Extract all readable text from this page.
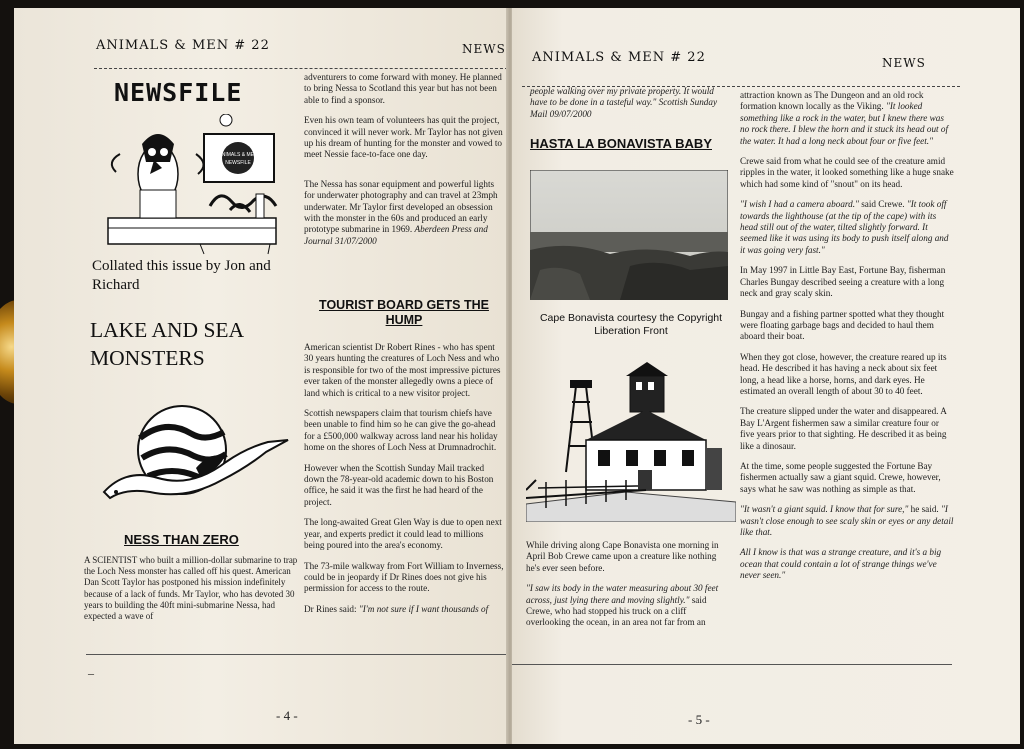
ANIMALS & MEN # 22	NEWS
NEWSFILE
ANIMALS & MEN
NEWSFILE
Collated this issue by Jon and Richard
LAKE AND SEA MONSTERS
NESS THAN ZERO
A SCIENTIST who built a million-dollar submarine to trap the Loch Ness monster has called off his quest. American Dan Scott Taylor has postponed his mission indefinitely because of a lack of funds. Mr Taylor, who has devoted 30 years to building the 40ft mini-submarine Nessa, had expected a wave of

adventurers to come forward with money. He planned to bring Nessa to Scotland this year but has not been able to find a sponsor.

Even his own team of volunteers has quit the project, convinced it will never work. Mr Taylor has not given up his dream of hunting for the monster and vowed to meet Nessie face-to-face one day.

The Nessa has sonar equipment and powerful lights for underwater photography and can travel at 23mph underwater. Mr Taylor first developed an obsession with the monster in the 60s and produced an early prototype submarine in 1969. Aberdeen Press and Journal 31/07/2000

TOURIST BOARD GETS THE HUMP

American scientist Dr Robert Rines - who has spent 30 years hunting the creatures of Loch Ness and who is responsible for two of the most impressive pictures ever taken of the monster allegedly owns a piece of land which is critical to a new visitor project.

Scottish newspapers claim that tourism chiefs have been unable to find him so he can give the go-ahead for a £500,000 walkway across land near his holiday home on the shores of Loch Ness at Drumnadrochit.

However when the Scottish Sunday Mail tracked down the 78-year-old academic down to his Boston office, he said it was the first he had heard of the project.

The long-awaited Great Glen Way is due to open next year, and experts predict it could lead to millions being poured into the area's economy.

The 73-mile walkway from Fort William to Inverness, could be in jeopardy if Dr Rines does not give his permission for access to the route.

Dr Rines said: "I'm not sure if I want thousands of

–
- 4 -
ANIMALS & MEN # 22	NEWS
people walking over my private property. It would have to be done in a tasteful way." Scottish Sunday Mail 09/07/2000
HASTA LA BONAVISTA BABY
Cape Bonavista courtesy the Copyright Liberation Front

While driving along Cape Bonavista one morning in April Bob Crewe came upon a creature like nothing he's ever seen before.

"I saw its body in the water measuring about 30 feet across, just lying there and moving slightly." said Crewe, who had stopped his truck on a cliff overlooking the ocean, in an area not far from an

attraction known as The Dungeon and an old rock formation known locally as the Viking. "It looked something like a rock in the water, but I knew there was no rock there. I blew the horn and it stuck its head out of the water. It had a long neck about four or five feet."

Crewe said from what he could see of the creature amid ripples in the water, it looked something like a huge snake which had some kind of "snout" on its head.

"I wish I had a camera aboard." said Crewe. "It took off towards the lighthouse (at the tip of the cape) with its head still out of the water, tilted slightly forward. It seemed like it was using its body to push itself along and it was going very fast."

In May 1997 in Little Bay East, Fortune Bay, fisherman Charles Bungay described seeing a creature with a long neck and gray scaly skin.

Bungay and a fishing partner spotted what they thought were floating garbage bags and decided to haul them aboard their boat.

When they got close, however, the creature reared up its head. He described it has having a neck about six feet long, a head like a horse, horns, and dark eyes. He estimated an overall length of about 30 to 40 feet.

The creature slipped under the water and disappeared. A Bay L'Argent fishermen saw a similar creature four or five years prior to that sighting. He described it as being like a dinosaur.

At the time, some people suggested the Fortune Bay fishermen actually saw a giant squid. Crewe, however, says what he saw was nothing as simple as that.

"It wasn't a giant squid. I know that for sure," he said. "I wasn't close enough to see scaly skin or eyes or any detail like that.

All I know is that was a strange creature, and it's a big ocean that could contain a lot of strange things we've never seen."

- 5 -
